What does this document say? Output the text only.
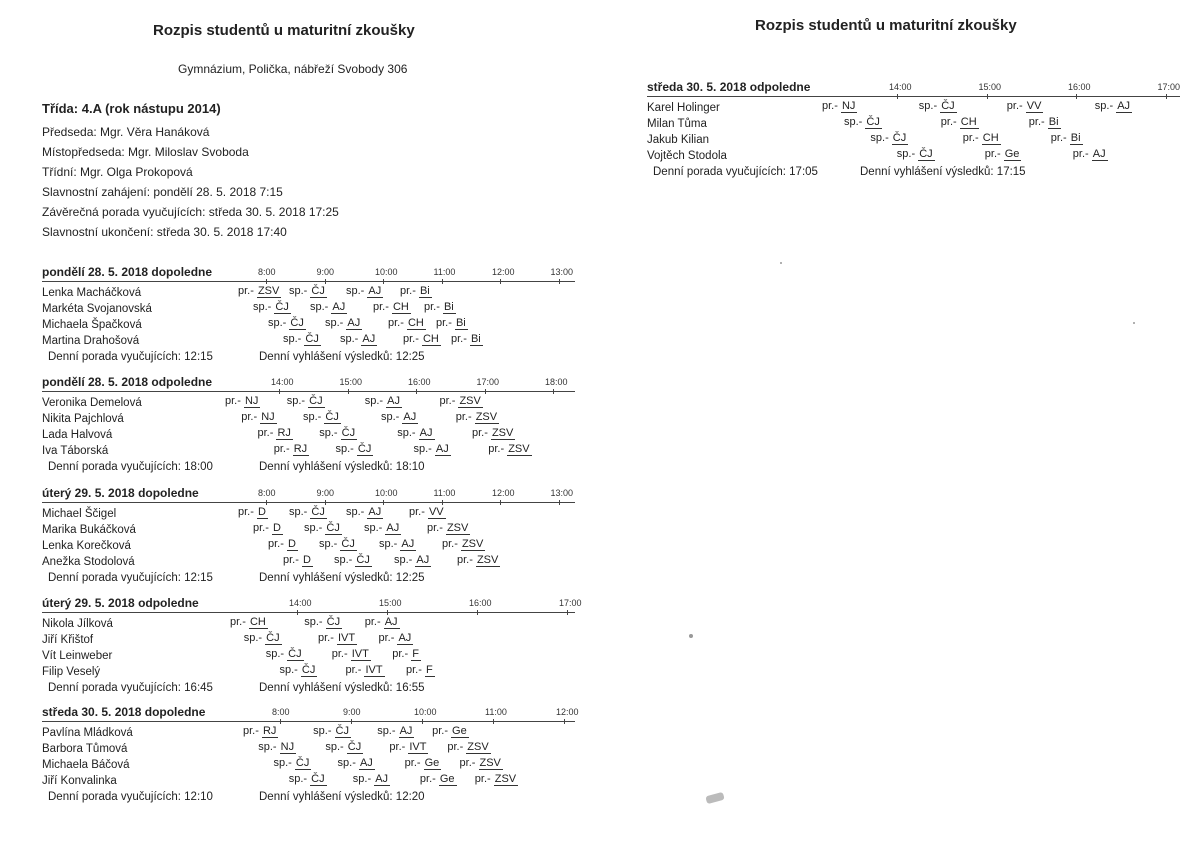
Rozpis studentů u maturitní zkoušky
Gymnázium, Polička, nábřeží Svobody 306
Třída: 4.A (rok nástupu 2014)
Předseda: Mgr. Věra Hanáková
Místopředseda: Mgr. Miloslav Svoboda
Třídní: Mgr. Olga Prokopová
Slavnostní zahájení: pondělí 28. 5. 2018 7:15
Závěrečná porada vyučujících: středa 30. 5. 2018 17:25
Slavnostní ukončení: středa 30. 5. 2018 17:40
Rozpis studentů u maturitní zkoušky
pondělí 28. 5. 2018 dopoledne	8:00	9:00	10:00	11:00	12:00	13:00
Lenka Macháčková	pr.- ZSV sp.- ČJ sp.- AJ pr.- Bi
Markéta Svojanovská	sp.- ČJ sp.- AJ	pr.- CH pr.- Bi
Michaela Špačková	sp.- ČJ sp.- AJ	pr.- CH pr.- Bi
Martina Drahošová	sp.- ČJ sp.- AJ	pr.- CH pr.- Bi
Denní porada vyučujících: 12:15	Denní vyhlášení výsledků: 12:25
pondělí 28. 5. 2018 odpoledne	14:00	15:00	16:00	17:00	18:00
Veronika Demelová	pr.- NJ	sp.- ČJ	sp.- AJ	pr.- ZSV
Nikita Pajchlová	pr.- NJ	sp.- ČJ	sp.- AJ	pr.- ZSV
Lada Halvová	pr.- RJ	sp.- ČJ	sp.- AJ	pr.- ZSV
Iva Táborská	pr.- RJ	sp.- ČJ	sp.- AJ	pr.- ZSV
Denní porada vyučujících: 18:00	Denní vyhlášení výsledků: 18:10
úterý 29. 5. 2018 dopoledne	8:00	9:00	10:00	11:00	12:00	13:00
Michael Ščigel	pr.- D sp.- ČJ sp.- AJ	pr.- VV
Marika Bukáčková	pr.- D sp.- ČJ sp.- AJ	pr.- ZSV
Lenka Korečková	pr.- D sp.- ČJ sp.- AJ	pr.- ZSV
Anežka Stodolová	pr.- D sp.- ČJ sp.- AJ	pr.- ZSV
Denní porada vyučujících: 12:15	Denní vyhlášení výsledků: 12:25
úterý 29. 5. 2018 odpoledne	14:00	15:00	16:00	17:00
Nikola Jílková	pr.- CH	sp.- ČJ pr.- AJ
Jiří Křištof	sp.- ČJ	pr.- IVT pr.- AJ
Vít Leinweber	sp.- ČJ	pr.- IVT pr.- F
Filip Veselý	sp.- ČJ	pr.- IVT pr.- F
Denní porada vyučujících: 16:45	Denní vyhlášení výsledků: 16:55
středa 30. 5. 2018 dopoledne	8:00	9:00	10:00	11:00	12:00
Pavlína Mládková	pr.- RJ	sp.- ČJ	sp.- AJ pr.- Ge
Barbora Tůmová	sp.- NJ	sp.- ČJ	pr.- IVT pr.- ZSV
Michaela Báčová	sp.- ČJ	sp.- AJ	pr.- Ge pr.- ZSV
Jiří Konvalinka	sp.- ČJ	sp.- AJ	pr.- Ge pr.- ZSV
Denní porada vyučujících: 12:10	Denní vyhlášení výsledků: 12:20
středa 30. 5. 2018 odpoledne	14:00	15:00	16:00	17:00
Karel Holinger	pr.- NJ	sp.- ČJ	pr.- VV	sp.- AJ
Milan Tůma	sp.- ČJ	pr.- CH	pr.- Bi
Jakub Kilian	sp.- ČJ	pr.- CH	pr.- Bi
Vojtěch Stodola	sp.- ČJ	pr.- Ge	pr.- AJ
Denní porada vyučujících: 17:05	Denní vyhlášení výsledků: 17:15
